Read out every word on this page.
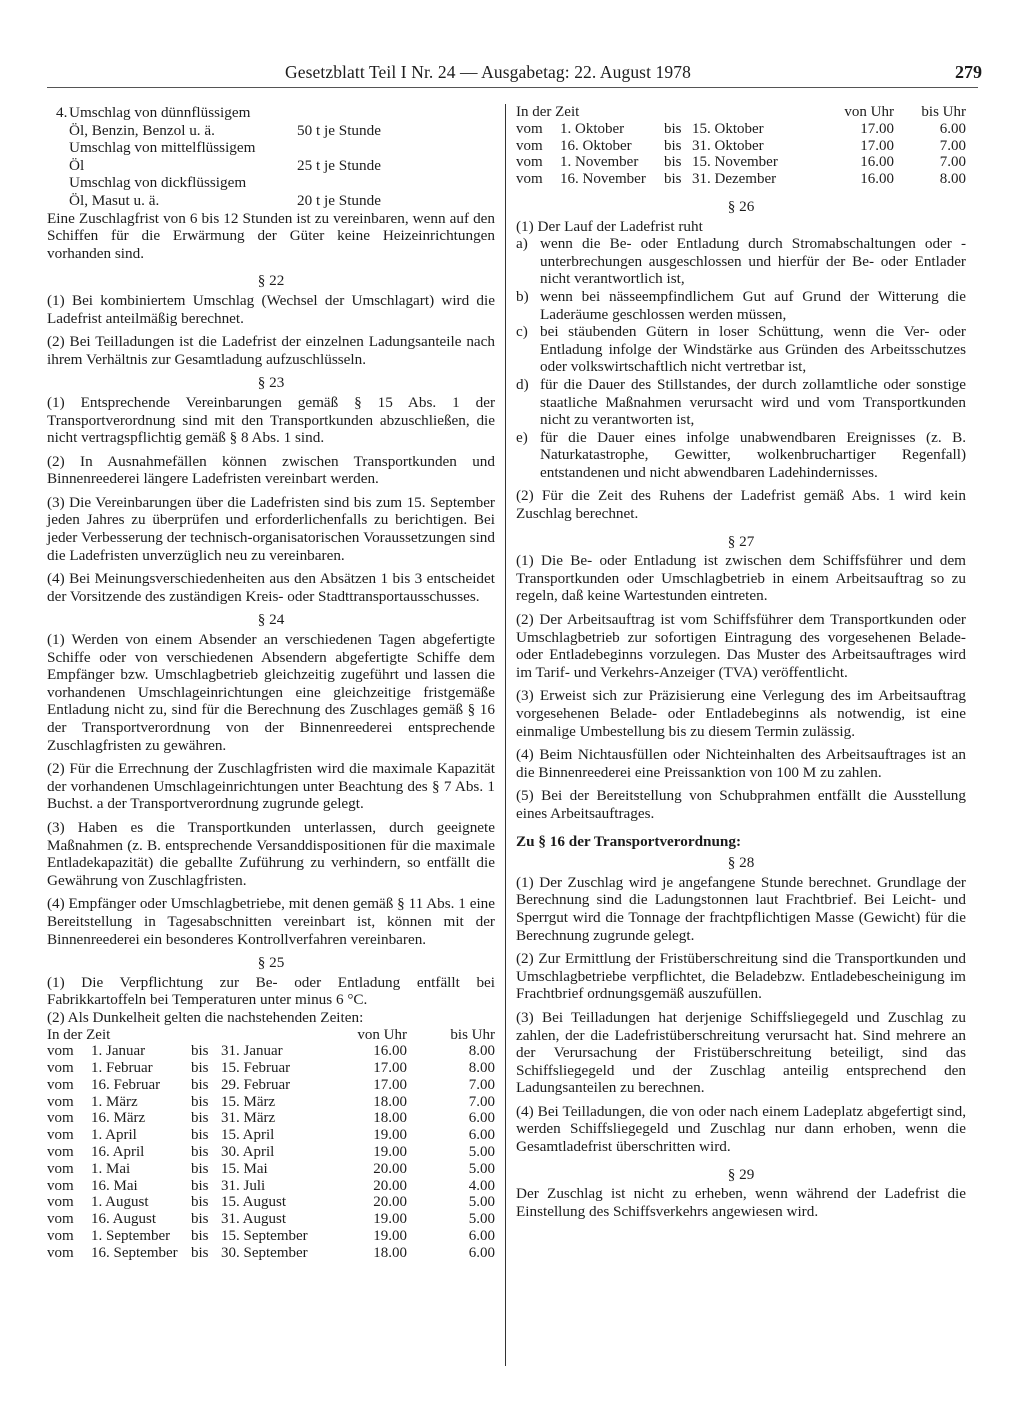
Gesetzblatt Teil I Nr. 24 — Ausgabetag: 22. August 1978	279
4. Umschlag von dünnflüssigem
Öl, Benzin, Benzol u. ä.	50 t je Stunde
Umschlag von mittelflüssigem
Öl	25 t je Stunde
Umschlag von dickflüssigem
Öl, Masut u. ä.	20 t je Stunde

Eine Zuschlagfrist von 6 bis 12 Stunden ist zu vereinbaren, wenn auf den Schiffen für die Erwärmung der Güter keine Heizeinrichtungen vorhanden sind.

§ 22

(1) Bei kombiniertem Umschlag (Wechsel der Umschlagart) wird die Ladefrist anteilmäßig berechnet.

(2) Bei Teilladungen ist die Ladefrist der einzelnen Ladungsanteile nach ihrem Verhältnis zur Gesamtladung aufzuschlüsseln.

§ 23

(1) Entsprechende Vereinbarungen gemäß § 15 Abs. 1 der Transportverordnung sind mit den Transportkunden abzuschließen, die nicht vertragspflichtig gemäß § 8 Abs. 1 sind.

(2) In Ausnahmefällen können zwischen Transportkunden und Binnenreederei längere Ladefristen vereinbart werden.

(3) Die Vereinbarungen über die Ladefristen sind bis zum 15. September jeden Jahres zu überprüfen und erforderlichenfalls zu berichtigen. Bei jeder Verbesserung der technisch-organisatorischen Voraussetzungen sind die Ladefristen unverzüglich neu zu vereinbaren.

(4) Bei Meinungsverschiedenheiten aus den Absätzen 1 bis 3 entscheidet der Vorsitzende des zuständigen Kreis- oder Stadttransportausschusses.

§ 24

(1) Werden von einem Absender an verschiedenen Tagen abgefertigte Schiffe oder von verschiedenen Absendern abgefertigte Schiffe dem Empfänger bzw. Umschlagbetrieb gleichzeitig zugeführt und lassen die vorhandenen Umschlageinrichtungen eine gleichzeitige fristgemäße Entladung nicht zu, sind für die Berechnung des Zuschlages gemäß § 16 der Transportverordnung von der Binnenreederei entsprechende Zuschlagfristen zu gewähren.

(2) Für die Errechnung der Zuschlagfristen wird die maximale Kapazität der vorhandenen Umschlageinrichtungen unter Beachtung des § 7 Abs. 1 Buchst. a der Transportverordnung zugrunde gelegt.

(3) Haben es die Transportkunden unterlassen, durch geeignete Maßnahmen (z. B. entsprechende Versanddispositionen für die maximale Entladekapazität) die geballte Zuführung zu verhindern, so entfällt die Gewährung von Zuschlagfristen.

(4) Empfänger oder Umschlagbetriebe, mit denen gemäß § 11 Abs. 1 eine Bereitstellung in Tagesabschnitten vereinbart ist, können mit der Binnenreederei ein besonderes Kontrollverfahren vereinbaren.

§ 25

(1) Die Verpflichtung zur Be- oder Entladung entfällt bei Fabrikkartoffeln bei Temperaturen unter minus 6 °C.

(2) Als Dunkelheit gelten die nachstehenden Zeiten:

In der Zeit				von Uhr	bis Uhr
vom	1. Januar	bis	31. Januar	16.00	8.00
vom	1. Februar	bis	15. Februar	17.00	8.00
vom	16. Februar	bis	29. Februar	17.00	7.00
vom	1. März	bis	15. März	18.00	7.00
vom	16. März	bis	31. März	18.00	6.00
vom	1. April	bis	15. April	19.00	6.00
vom	16. April	bis	30. April	19.00	5.00
vom	1. Mai	bis	15. Mai	20.00	5.00
vom	16. Mai	bis	31. Juli	20.00	4.00
vom	1. August	bis	15. August	20.00	5.00
vom	16. August	bis	31. August	19.00	5.00
vom	1. September	bis	15. September	19.00	6.00
vom	16. September	bis	30. September	18.00	6.00
In der Zeit				von Uhr	bis Uhr
vom	1. Oktober	bis	15. Oktober	17.00	6.00
vom	16. Oktober	bis	31. Oktober	17.00	7.00
vom	1. November	bis	15. November	16.00	7.00
vom	16. November	bis	31. Dezember	16.00	8.00
§ 26

(1) Der Lauf der Ladefrist ruht

a) wenn die Be- oder Entladung durch Stromabschaltungen oder -unterbrechungen ausgeschlossen und hierfür der Be- oder Entlader nicht verantwortlich ist,
b) wenn bei nässeempfindlichem Gut auf Grund der Witterung die Laderäume geschlossen werden müssen,
c) bei stäubenden Gütern in loser Schüttung, wenn die Ver- oder Entladung infolge der Windstärke aus Gründen des Arbeitsschutzes oder volkswirtschaftlich nicht vertretbar ist,
d) für die Dauer des Stillstandes, der durch zollamtliche oder sonstige staatliche Maßnahmen verursacht wird und vom Transportkunden nicht zu verantworten ist,
e) für die Dauer eines infolge unabwendbaren Ereignisses (z. B. Naturkatastrophe, Gewitter, wolkenbruchartiger Regenfall) entstandenen und nicht abwendbaren Ladehindernisses.

(2) Für die Zeit des Ruhens der Ladefrist gemäß Abs. 1 wird kein Zuschlag berechnet.

§ 27

(1) Die Be- oder Entladung ist zwischen dem Schiffsführer und dem Transportkunden oder Umschlagbetrieb in einem Arbeitsauftrag so zu regeln, daß keine Wartestunden eintreten.

(2) Der Arbeitsauftrag ist vom Schiffsführer dem Transportkunden oder Umschlagbetrieb zur sofortigen Eintragung des vorgesehenen Belade- oder Entladebeginns vorzulegen. Das Muster des Arbeitsauftrages wird im Tarif- und Verkehrs-Anzeiger (TVA) veröffentlicht.

(3) Erweist sich zur Präzisierung eine Verlegung des im Arbeitsauftrag vorgesehenen Belade- oder Entladebeginns als notwendig, ist eine einmalige Umbestellung bis zu diesem Termin zulässig.

(4) Beim Nichtausfüllen oder Nichteinhalten des Arbeitsauftrages ist an die Binnenreederei eine Preissanktion von 100 M zu zahlen.

(5) Bei der Bereitstellung von Schubprahmen entfällt die Ausstellung eines Arbeitsauftrages.

Zu § 16 der Transportverordnung:
§ 28

(1) Der Zuschlag wird je angefangene Stunde berechnet. Grundlage der Berechnung sind die Ladungstonnen laut Frachtbrief. Bei Leicht- und Sperrgut wird die Tonnage der frachtpflichtigen Masse (Gewicht) für die Berechnung zugrunde gelegt.

(2) Zur Ermittlung der Fristüberschreitung sind die Transportkunden und Umschlagbetriebe verpflichtet, die Beladebzw. Entladebescheinigung im Frachtbrief ordnungsgemäß auszufüllen.

(3) Bei Teilladungen hat derjenige Schiffsliegegeld und Zuschlag zu zahlen, der die Ladefristüberschreitung verursacht hat. Sind mehrere an der Verursachung der Fristüberschreitung beteiligt, sind das Schiffsliegegeld und der Zuschlag anteilig entsprechend den Ladungsanteilen zu berechnen.

(4) Bei Teilladungen, die von oder nach einem Ladeplatz abgefertigt sind, werden Schiffsliegegeld und Zuschlag nur dann erhoben, wenn die Gesamtladefrist überschritten wird.

§ 29

Der Zuschlag ist nicht zu erheben, wenn während der Ladefrist die Einstellung des Schiffsverkehrs angewiesen wird.
